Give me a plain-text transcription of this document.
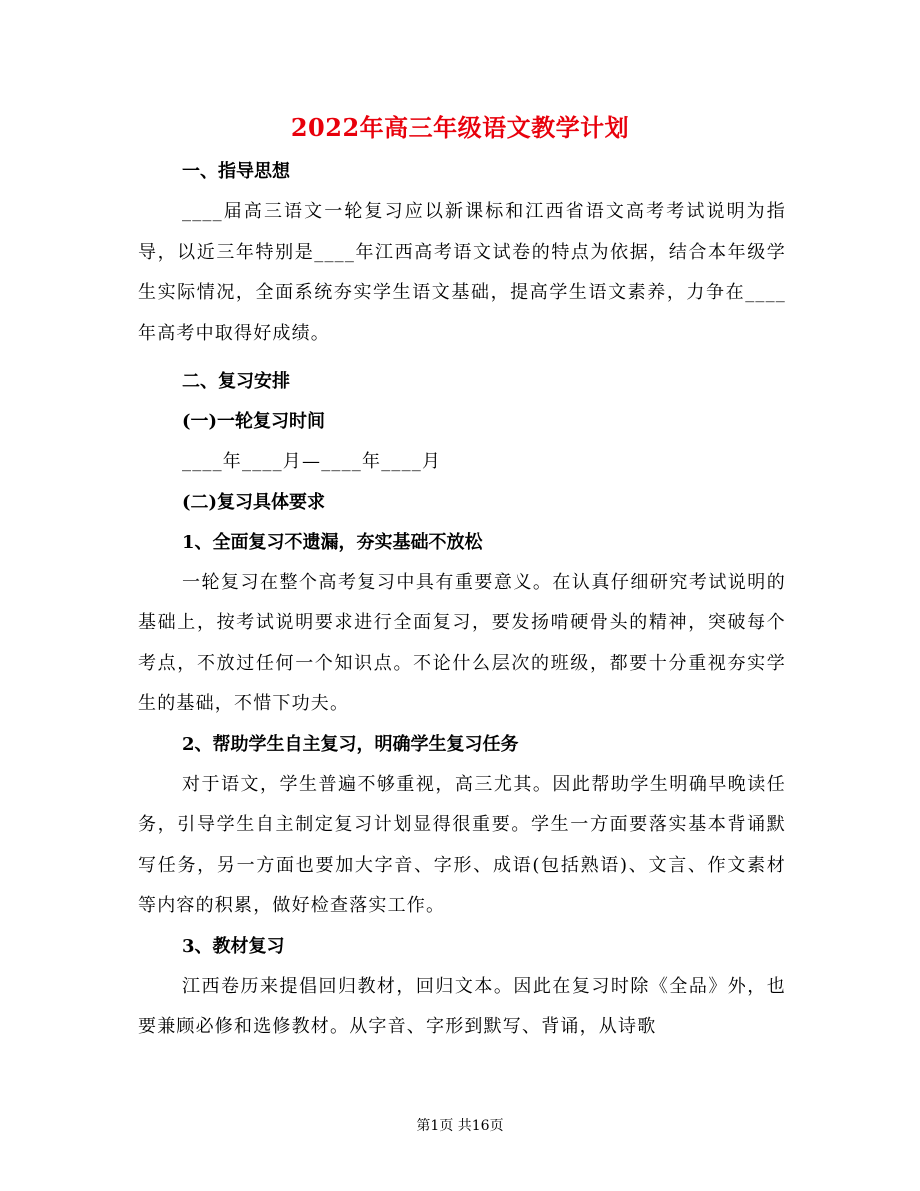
2022年高三年级语文教学计划

一、指导思想

____届高三语文一轮复习应以新课标和江西省语文高考考试说明为指导，以近三年特别是____年江西高考语文试卷的特点为依据，结合本年级学生实际情况，全面系统夯实学生语文基础，提高学生语文素养，力争在____年高考中取得好成绩。

二、复习安排

(一)一轮复习时间

____年____月—____年____月

(二)复习具体要求

1、全面复习不遗漏，夯实基础不放松

一轮复习在整个高考复习中具有重要意义。在认真仔细研究考试说明的基础上，按考试说明要求进行全面复习，要发扬啃硬骨头的精神，突破每个考点，不放过任何一个知识点。不论什么层次的班级，都要十分重视夯实学生的基础，不惜下功夫。

2、帮助学生自主复习，明确学生复习任务

对于语文，学生普遍不够重视，高三尤其。因此帮助学生明确早晚读任务，引导学生自主制定复习计划显得很重要。学生一方面要落实基本背诵默写任务，另一方面也要加大字音、字形、成语(包括熟语)、文言、作文素材等内容的积累，做好检查落实工作。

3、教材复习

江西卷历来提倡回归教材，回归文本。因此在复习时除《全品》外，也要兼顾必修和选修教材。从字音、字形到默写、背诵，从诗歌

第1页 共16页
